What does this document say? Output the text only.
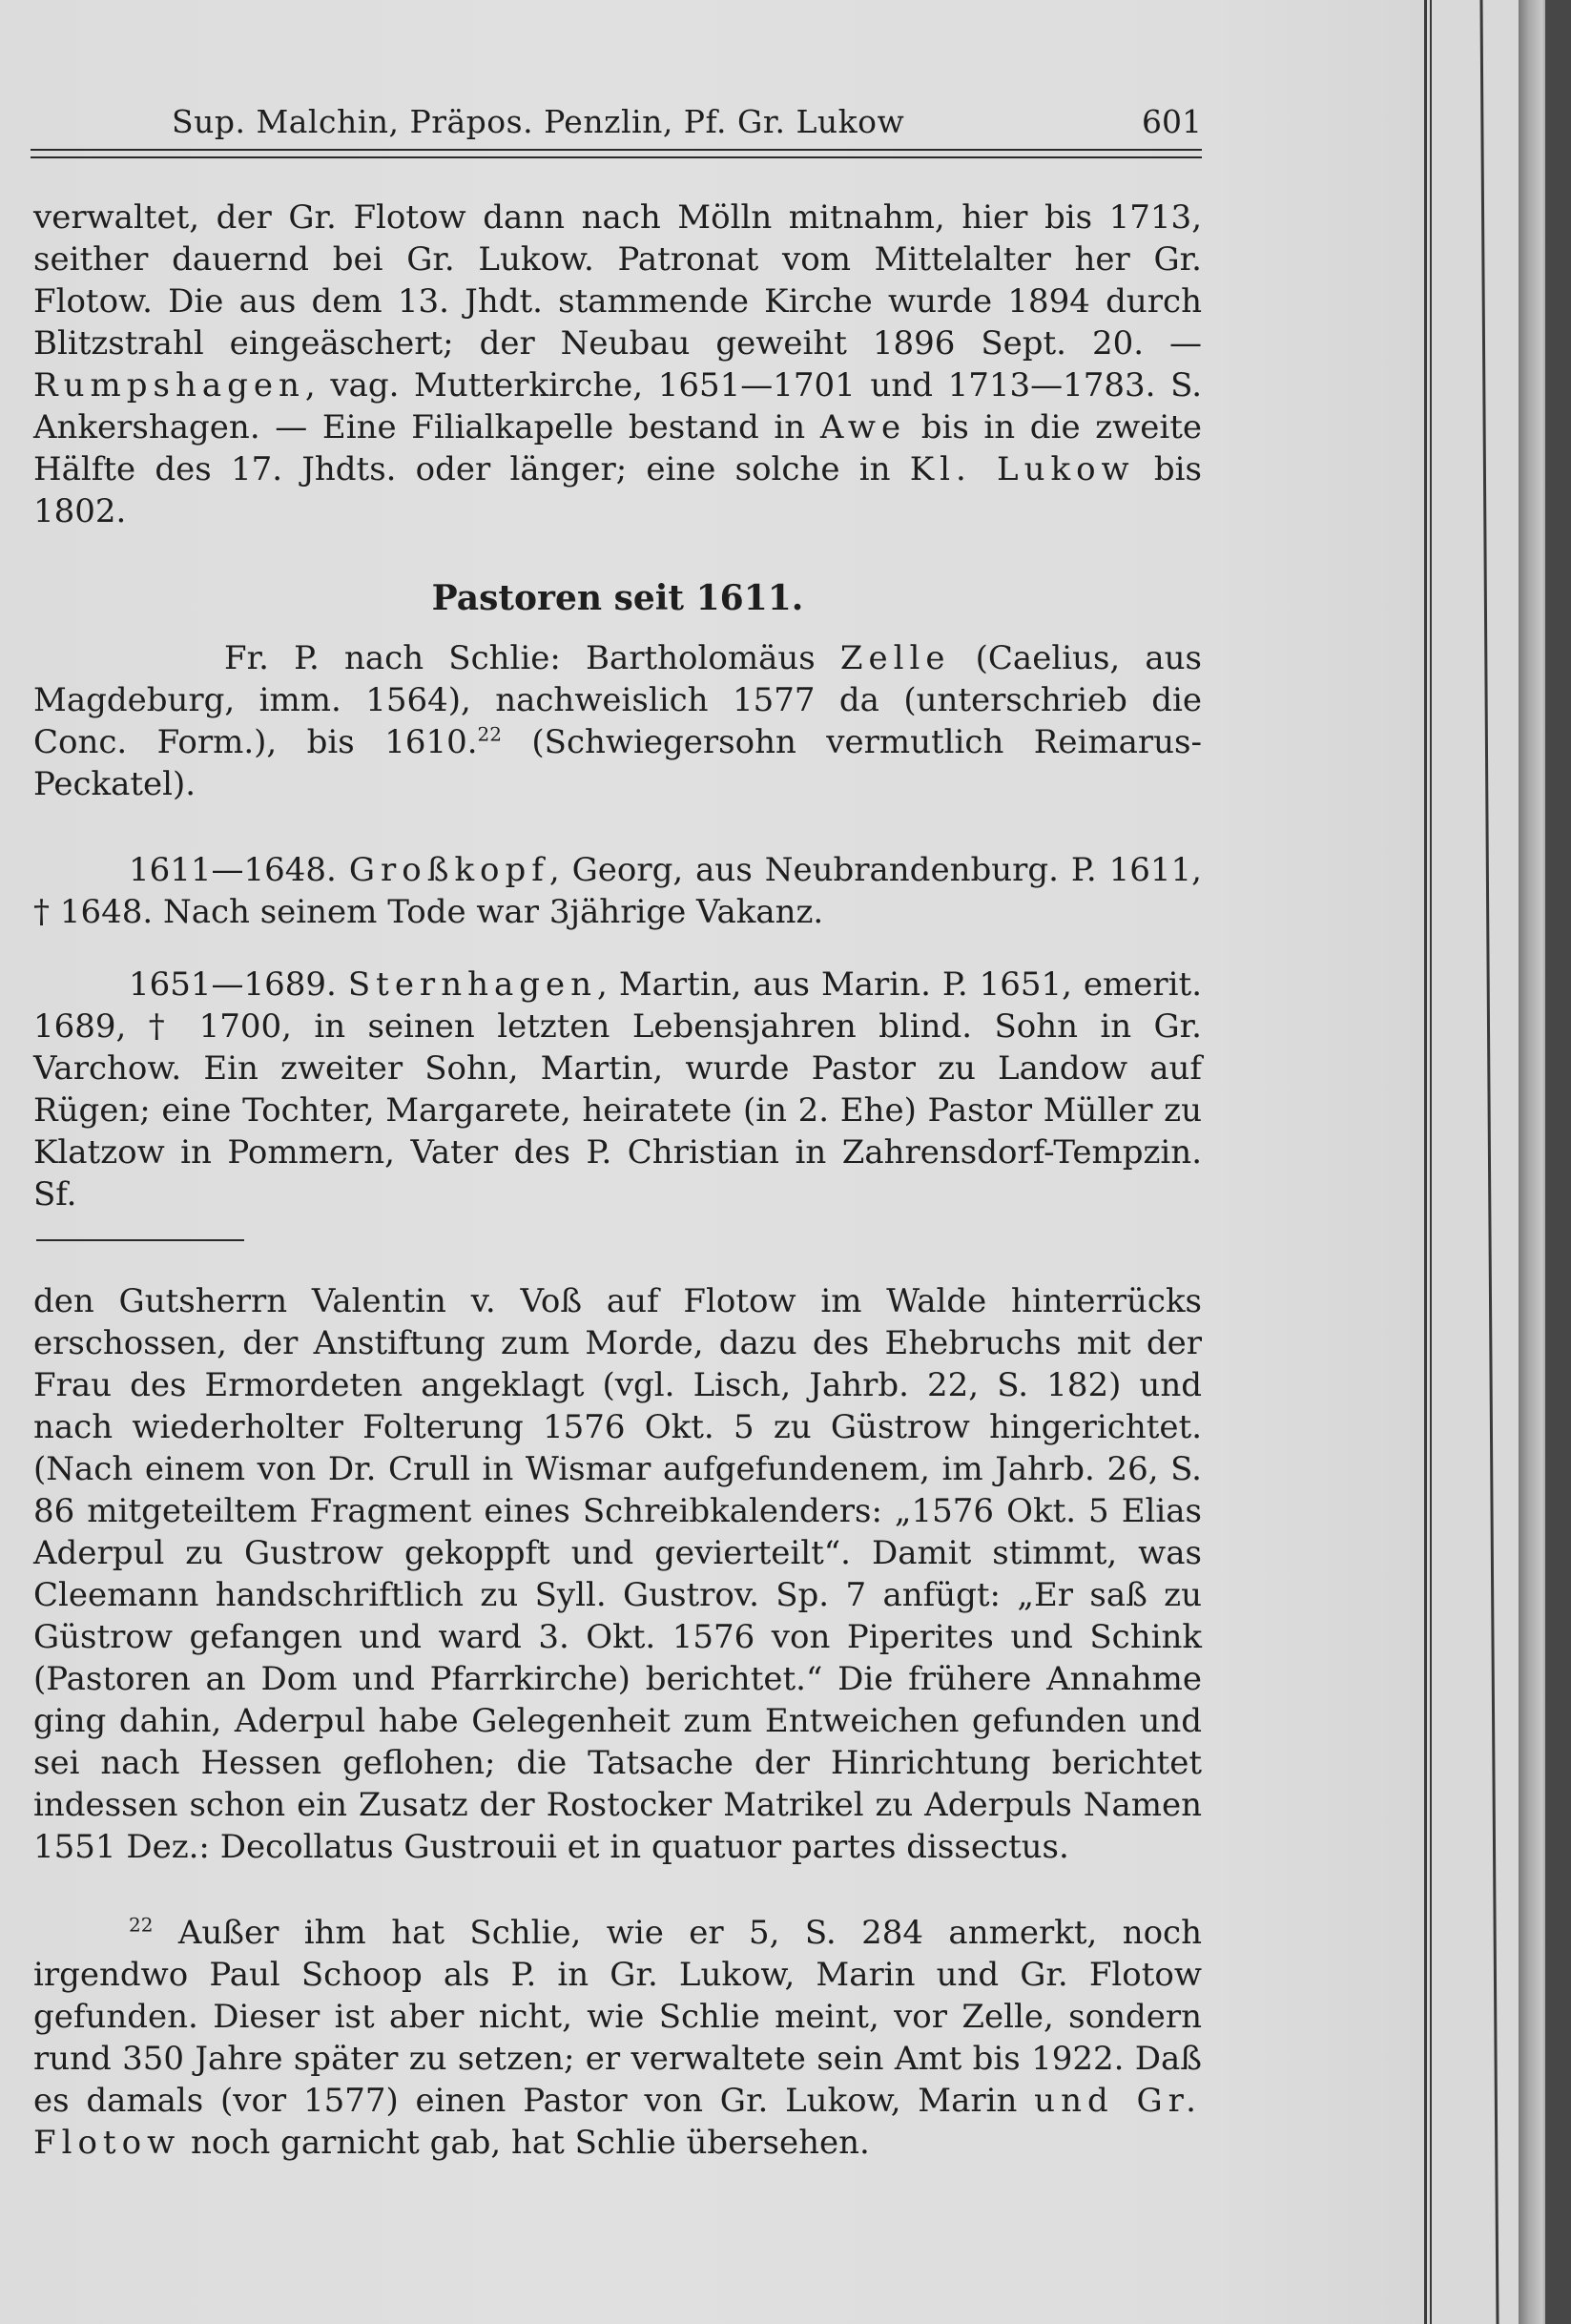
Sup. Malchin, Präpos. Penzlin, Pf. Gr. Lukow	601

verwaltet, der Gr. Flotow dann nach Mölln mitnahm, hier bis 1713, seither dauernd bei Gr. Lukow. Patronat vom Mittelalter her Gr. Flotow. Die aus dem 13. Jhdt. stammende Kirche wurde 1894 durch Blitzstrahl eingeäschert; der Neubau geweiht 1896 Sept. 20. — Rumpshagen, vag. Mutterkirche, 1651—1701 und 1713—1783. S. Ankershagen. — Eine Filialkapelle bestand in Awe bis in die zweite Hälfte des 17. Jhdts. oder länger; eine solche in Kl. Lukow bis 1802.

Pastoren seit 1611.

Fr. P. nach Schlie: Bartholomäus Zelle (Caelius, aus Magdeburg, imm. 1564), nachweislich 1577 da (unterschrieb die Conc. Form.), bis 1610.22 (Schwiegersohn vermutlich Reimarus-Peckatel).

1611—1648. Großkopf, Georg, aus Neubrandenburg. P. 1611, † 1648. Nach seinem Tode war 3jährige Vakanz.

1651—1689. Sternhagen, Martin, aus Marin. P. 1651, emerit. 1689, † 1700, in seinen letzten Lebensjahren blind. Sohn in Gr. Varchow. Ein zweiter Sohn, Martin, wurde Pastor zu Landow auf Rügen; eine Tochter, Margarete, heiratete (in 2. Ehe) Pastor Müller zu Klatzow in Pommern, Vater des P. Christian in Zahrensdorf-Tempzin. Sf.

den Gutsherrn Valentin v. Voß auf Flotow im Walde hinterrücks erschossen, der Anstiftung zum Morde, dazu des Ehebruchs mit der Frau des Ermordeten angeklagt (vgl. Lisch, Jahrb. 22, S. 182) und nach wiederholter Folterung 1576 Okt. 5 zu Güstrow hingerichtet. (Nach einem von Dr. Crull in Wismar aufgefundenem, im Jahrb. 26, S. 86 mitgeteiltem Fragment eines Schreibkalenders: „1576 Okt. 5 Elias Aderpul zu Gustrow gekoppft und gevierteilt“. Damit stimmt, was Cleemann handschriftlich zu Syll. Gustrov. Sp. 7 anfügt: „Er saß zu Güstrow gefangen und ward 3. Okt. 1576 von Piperites und Schink (Pastoren an Dom und Pfarrkirche) berichtet.“ Die frühere Annahme ging dahin, Aderpul habe Gelegenheit zum Entweichen gefunden und sei nach Hessen geflohen; die Tatsache der Hinrichtung berichtet indessen schon ein Zusatz der Rostocker Matrikel zu Aderpuls Namen 1551 Dez.: Decollatus Gustrouii et in quatuor partes dissectus.

$^{22}$ Außer ihm hat Schlie, wie er 5, S. 284 anmerkt, noch irgendwo Paul Schoop als P. in Gr. Lukow, Marin und Gr. Flotow gefunden. Dieser ist aber nicht, wie Schlie meint, vor Zelle, sondern rund 350 Jahre später zu setzen; er verwaltete sein Amt bis 1922. Daß es damals (vor 1577) einen Pastor von Gr. Lukow, Marin und Gr. Flotow noch garnicht gab, hat Schlie übersehen.
